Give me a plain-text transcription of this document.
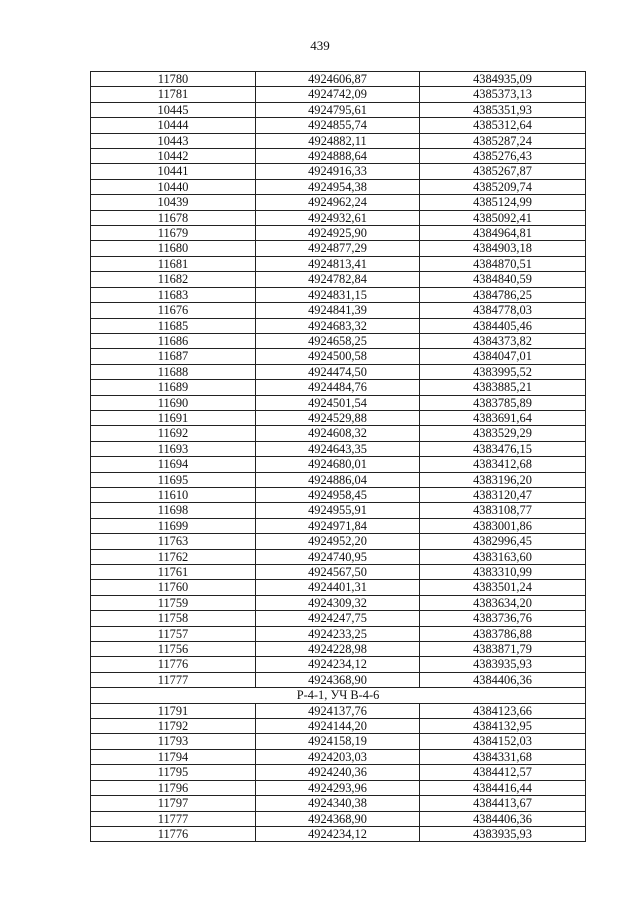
439
11780	4924606,87	4384935,09
11781	4924742,09	4385373,13
10445	4924795,61	4385351,93
10444	4924855,74	4385312,64
10443	4924882,11	4385287,24
10442	4924888,64	4385276,43
10441	4924916,33	4385267,87
10440	4924954,38	4385209,74
10439	4924962,24	4385124,99
11678	4924932,61	4385092,41
11679	4924925,90	4384964,81
11680	4924877,29	4384903,18
11681	4924813,41	4384870,51
11682	4924782,84	4384840,59
11683	4924831,15	4384786,25
11676	4924841,39	4384778,03
11685	4924683,32	4384405,46
11686	4924658,25	4384373,82
11687	4924500,58	4384047,01
11688	4924474,50	4383995,52
11689	4924484,76	4383885,21
11690	4924501,54	4383785,89
11691	4924529,88	4383691,64
11692	4924608,32	4383529,29
11693	4924643,35	4383476,15
11694	4924680,01	4383412,68
11695	4924886,04	4383196,20
11610	4924958,45	4383120,47
11698	4924955,91	4383108,77
11699	4924971,84	4383001,86
11763	4924952,20	4382996,45
11762	4924740,95	4383163,60
11761	4924567,50	4383310,99
11760	4924401,31	4383501,24
11759	4924309,32	4383634,20
11758	4924247,75	4383736,76
11757	4924233,25	4383786,88
11756	4924228,98	4383871,79
11776	4924234,12	4383935,93
11777	4924368,90	4384406,36
Р-4-1, УЧ В-4-6		
11791	4924137,76	4384123,66
11792	4924144,20	4384132,95
11793	4924158,19	4384152,03
11794	4924203,03	4384331,68
11795	4924240,36	4384412,57
11796	4924293,96	4384416,44
11797	4924340,38	4384413,67
11777	4924368,90	4384406,36
11776	4924234,12	4383935,93
